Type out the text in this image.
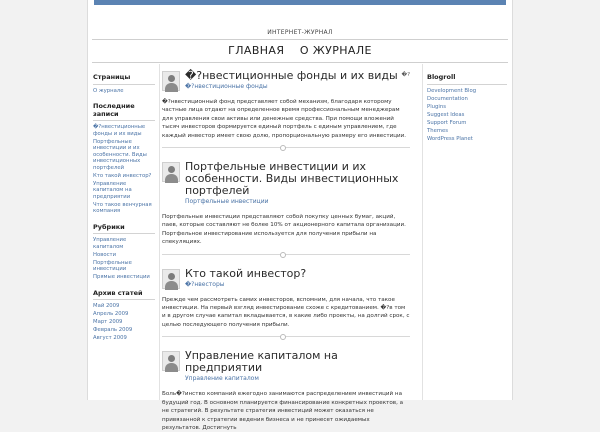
ИНТЕРНЕТ-ЖУРНАЛ
ГЛАВНАЯ О ЖУРНАЛЕ
Страницы
О журнале
Последние записи
�?нвестиционные фонды и их виды
Портфельные инвестиции и их особенности. Виды инвестиционных портфелей
Кто такой инвестор?
Управление капиталом на предприятии
Что такое венчурная компания
Рубрики
Управление капиталом
Новости
Портфельные инвестиции
Прямые инвестиции
Архив статей
Май 2009
Апрель 2009
Март 2009
Февраль 2009
Август 2009
�?
�?нвестиционные фонды и их виды
�?нвестиционные фонды
�?нвестиционный фонд представляет собой механизм, благодаря которому частные лица отдают на определенное время профессиональным менеджерам для управления свои активы или денежные средства. При помощи вложений тысяч инвесторов формируется единый портфель с единым управлением, где каждый инвестор имеет свою долю, пропорциональную размеру его инвестиции.
Портфельные инвестиции и их особенности. Виды инвестиционных портфелей
Портфельные инвестиции
Портфельные инвестиции представляют собой покупку ценных бумаг, акций, паев, которые составляют не более 10% от акционерного капитала организации. Портфельное инвестирование используется для получения прибыли на спекуляциях.
Кто такой инвестор?
�?нвесторы
Прежде чем рассмотреть самих инвесторов, вспомним, для начала, что такое инвестиции. На первый взгляд инвестирование схоже с кредитованием. �?в том и в другом случае капитал вкладывается, в какие либо проекты, на долгий срок, с целью последующего получения прибыли.
Управление капиталом на предприятии
Управление капиталом
Боль�?инство компаний ежегодно занимаются распределением инвестиций на будущий год. В основном планируется финансирование конкретных проектов, а не стратегий. В результате стратегия инвестиций может оказаться не привязанной к стратегии ведения бизнеса и не принесет ожидаемых результатов. Достигнуть
Blogroll
Development Blog
Documentation
Plugins
Suggest Ideas
Support Forum
Themes
WordPress Planet
